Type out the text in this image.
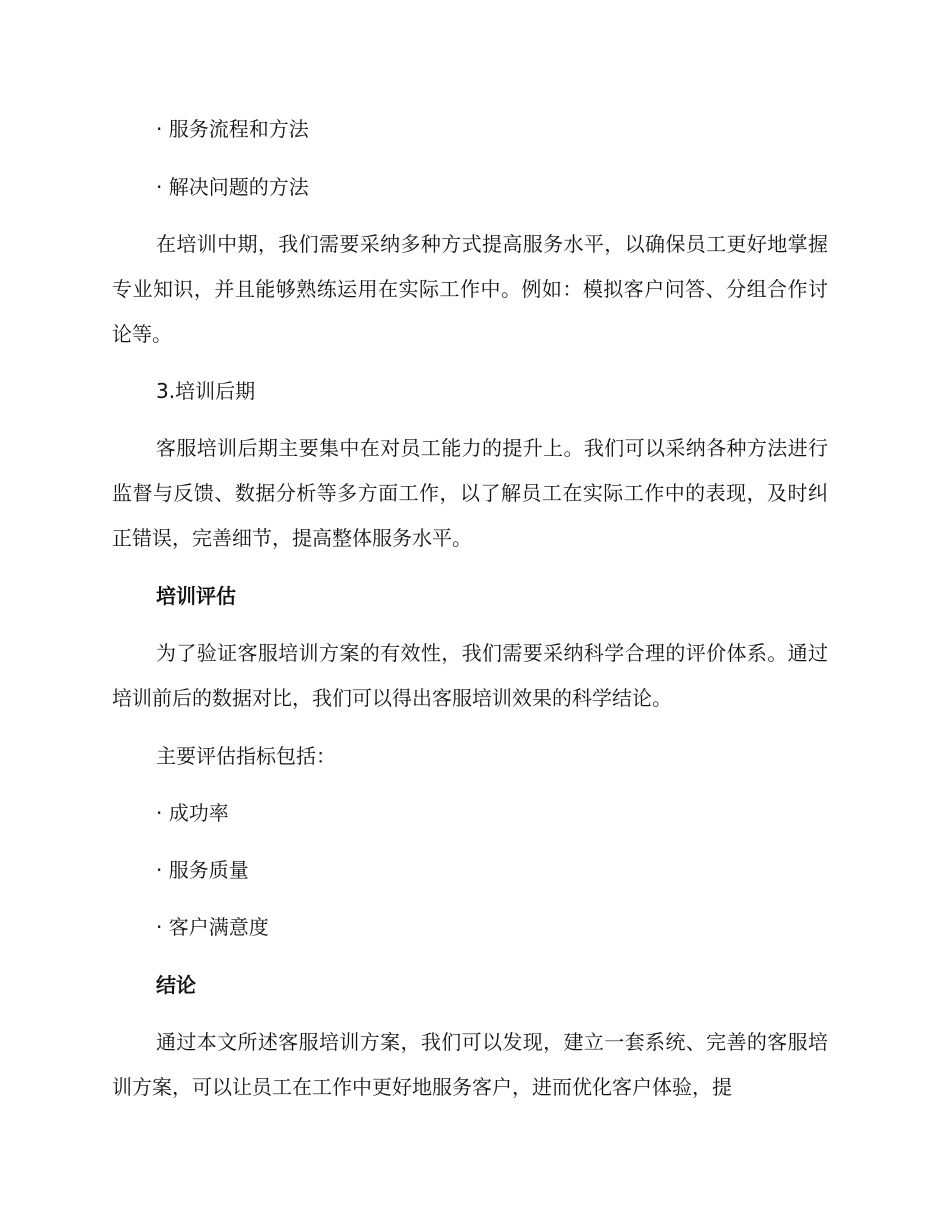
· 服务流程和方法
· 解决问题的方法

在培训中期，我们需要采纳多种方式提高服务水平，以确保员工更好地掌握专业知识，并且能够熟练运用在实际工作中。例如：模拟客户问答、分组合作讨论等。

3.培训后期

客服培训后期主要集中在对员工能力的提升上。我们可以采纳各种方法进行监督与反馈、数据分析等多方面工作，以了解员工在实际工作中的表现，及时纠正错误，完善细节，提高整体服务水平。

培训评估

为了验证客服培训方案的有效性，我们需要采纳科学合理的评价体系。通过培训前后的数据对比，我们可以得出客服培训效果的科学结论。

主要评估指标包括：
· 成功率
· 服务质量
· 客户满意度
结论

通过本文所述客服培训方案，我们可以发现，建立一套系统、完善的客服培训方案，可以让员工在工作中更好地服务客户，进而优化客户体验，提
